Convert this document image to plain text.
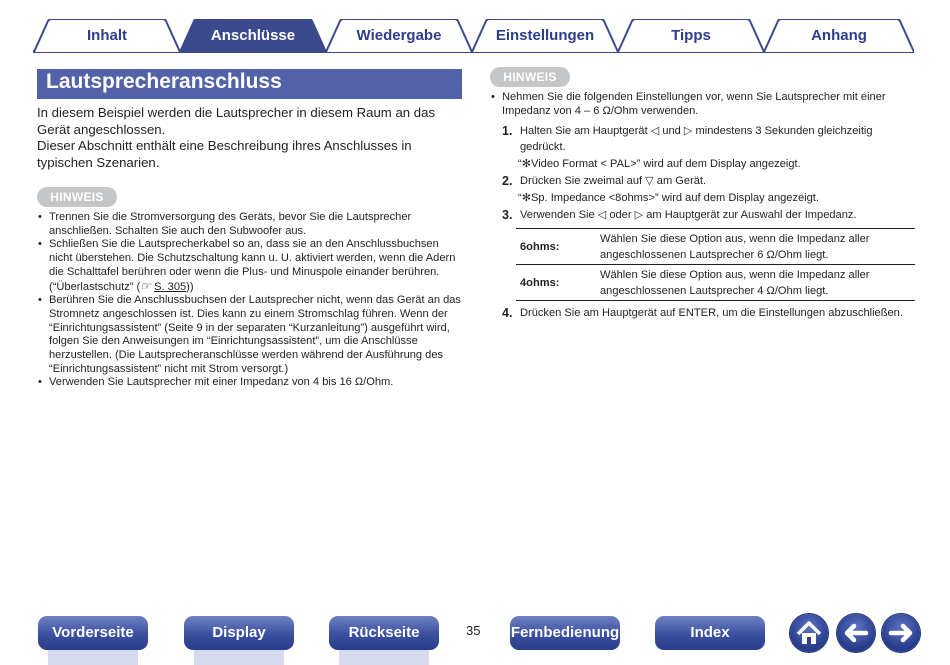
Inhalt	Anschlüsse	Wiedergabe	Einstellungen	Tipps	Anhang
Lautsprecheranschluss

In diesem Beispiel werden die Lautsprecher in diesem Raum an das Gerät angeschlossen.

Dieser Abschnitt enthält eine Beschreibung ihres Anschlusses in typischen Szenarien.

HINWEIS
• Trennen Sie die Stromversorgung des Geräts, bevor Sie die Lautsprecher anschließen. Schalten Sie auch den Subwoofer aus.
• Schließen Sie die Lautsprecherkabel so an, dass sie an den Anschlussbuchsen nicht überstehen. Die Schutzschaltung kann u. U. aktiviert werden, wenn die Adern die Schalttafel berühren oder wenn die Plus- und Minuspole einander berühren. (“Überlastschutz” (☞ S. 305))
• Berühren Sie die Anschlussbuchsen der Lautsprecher nicht, wenn das Gerät an das Stromnetz angeschlossen ist. Dies kann zu einem Stromschlag führen. Wenn der “Einrichtungsassistent” (Seite 9 in der separaten “Kurzanleitung”) ausgeführt wird, folgen Sie den Anweisungen im “Einrichtungsassistent”, um die Anschlüsse herzustellen. (Die Lautsprecheranschlüsse werden während der Ausführung des “Einrichtungsassistent” nicht mit Strom versorgt.)
• Verwenden Sie Lautsprecher mit einer Impedanz von 4 bis 16 Ω/Ohm.
HINWEIS
• Nehmen Sie die folgenden Einstellungen vor, wenn Sie Lautsprecher mit einer Impedanz von 4 – 6 Ω/Ohm verwenden.
1. Halten Sie am Hauptgerät ◁ und ▷ mindestens 3 Sekunden gleichzeitig gedrückt.
“✻Video Format < PAL>” wird auf dem Display angezeigt.
2. Drücken Sie zweimal auf ▽ am Gerät.
“✻Sp. Impedance <8ohms>” wird auf dem Display angezeigt.
3. Verwenden Sie ◁ oder ▷ am Hauptgerät zur Auswahl der Impedanz.
6ohms:	Wählen Sie diese Option aus, wenn die Impedanz aller angeschlossenen Lautsprecher 6 Ω/Ohm liegt.
4ohms:	Wählen Sie diese Option aus, wenn die Impedanz aller angeschlossenen Lautsprecher 4 Ω/Ohm liegt.
4. Drücken Sie am Hauptgerät auf ENTER, um die Einstellungen abzuschließen.
Vorderseite	Display	Rückseite	35 Fernbedienung	Index
